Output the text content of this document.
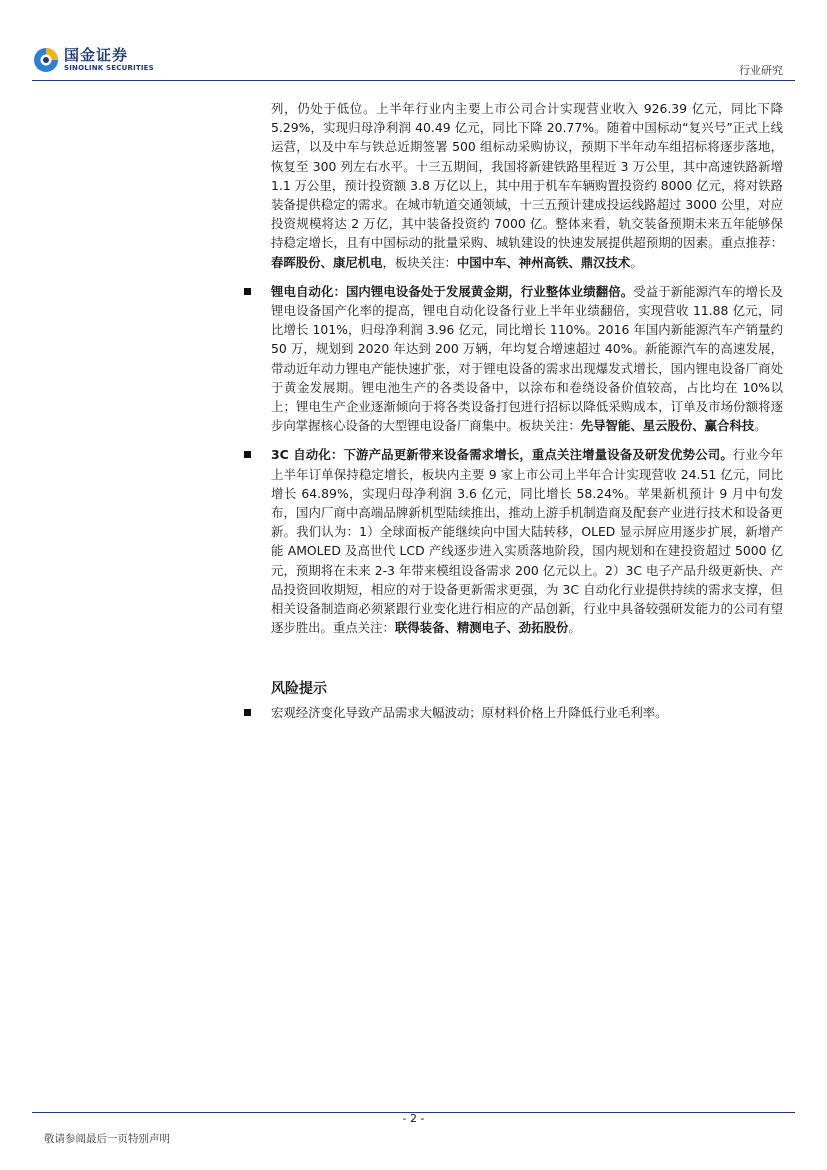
国金证券
SINOLINK SECURITIES	行业研究

列，仍处于低位。上半年行业内主要上市公司合计实现营业收入 926.39 亿元，同比下降 5.29%，实现归母净利润 40.49 亿元，同比下降 20.77%。随着中国标动“复兴号”正式上线运营，以及中车与铁总近期签署 500 组标动采购协议，预期下半年动车组招标将逐步落地，恢复至 300 列左右水平。十三五期间，我国将新建铁路里程近 3 万公里，其中高速铁路新增 1.1 万公里，预计投资额 3.8 万亿以上，其中用于机车车辆购置投资约 8000 亿元，将对铁路装备提供稳定的需求。在城市轨道交通领域，十三五预计建成投运线路超过 3000 公里，对应投资规模将达 2 万亿，其中装备投资约 7000 亿。整体来看，轨交装备预期未来五年能够保持稳定增长，且有中国标动的批量采购、城轨建设的快速发展提供超预期的因素。重点推荐：春晖股份、康尼机电，板块关注：中国中车、神州高铁、鼎汉技术。

锂电自动化：国内锂电设备处于发展黄金期，行业整体业绩翻倍。受益于新能源汽车的增长及锂电设备国产化率的提高，锂电自动化设备行业上半年业绩翻倍，实现营收 11.88 亿元，同比增长 101%，归母净利润 3.96 亿元，同比增长 110%。2016 年国内新能源汽车产销量约 50 万，规划到 2020 年达到 200 万辆，年均复合增速超过 40%。新能源汽车的高速发展，带动近年动力锂电产能快速扩张，对于锂电设备的需求出现爆发式增长，国内锂电设备厂商处于黄金发展期。锂电池生产的各类设备中，以涂布和卷绕设备价值较高，占比均在 10%以上；锂电生产企业逐渐倾向于将各类设备打包进行招标以降低采购成本，订单及市场份额将逐步向掌握核心设备的大型锂电设备厂商集中。板块关注：先导智能、星云股份、赢合科技。

3C 自动化：下游产品更新带来设备需求增长，重点关注增量设备及研发优势公司。行业今年上半年订单保持稳定增长，板块内主要 9 家上市公司上半年合计实现营收 24.51 亿元，同比增长 64.89%，实现归母净利润 3.6 亿元，同比增长 58.24%。苹果新机预计 9 月中旬发布，国内厂商中高端品牌新机型陆续推出，推动上游手机制造商及配套产业进行技术和设备更新。我们认为：1）全球面板产能继续向中国大陆转移，OLED 显示屏应用逐步扩展，新增产能 AMOLED 及高世代 LCD 产线逐步进入实质落地阶段，国内规划和在建投资超过 5000 亿元，预期将在未来 2-3 年带来模组设备需求 200 亿元以上。2）3C 电子产品升级更新快、产品投资回收期短，相应的对于设备更新需求更强，为 3C 自动化行业提供持续的需求支撑，但相关设备制造商必须紧跟行业变化进行相应的产品创新，行业中具备较强研发能力的公司有望逐步胜出。重点关注：联得装备、精测电子、劲拓股份。

风险提示

宏观经济变化导致产品需求大幅波动；原材料价格上升降低行业毛利率。

- 2 -
敬请参阅最后一页特别声明
